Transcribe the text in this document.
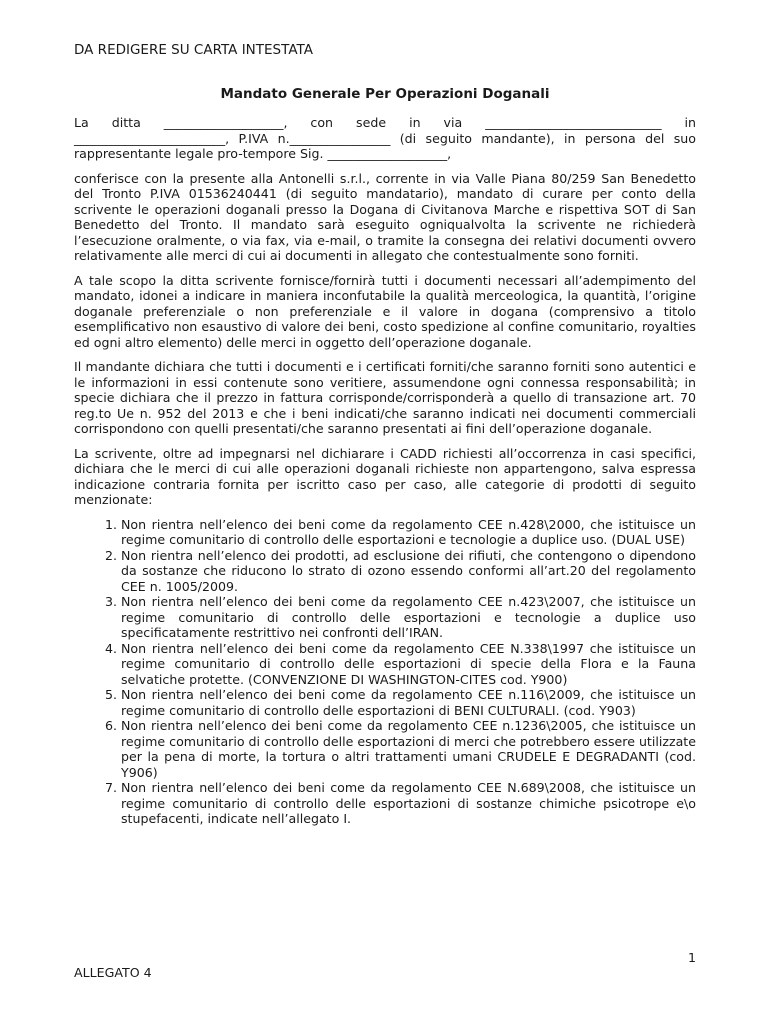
DA REDIGERE SU CARTA INTESTATA
Mandato Generale Per Operazioni Doganali

La ditta ___________________, con sede in via ____________________________ in ________________________, P.IVA n.________________ (di seguito mandante), in persona del suo rappresentante legale pro-tempore Sig. ___________________,

conferisce con la presente alla Antonelli s.r.l., corrente in via Valle Piana 80/259 San Benedetto del Tronto P.IVA 01536240441 (di seguito mandatario), mandato di curare per conto della scrivente le operazioni doganali presso la Dogana di Civitanova Marche e rispettiva SOT di San Benedetto del Tronto. Il mandato sarà eseguito ogniqualvolta la scrivente ne richiederà l’esecuzione oralmente, o via fax, via e-mail, o tramite la consegna dei relativi documenti ovvero relativamente alle merci di cui ai documenti in allegato che contestualmente sono forniti.

A tale scopo la ditta scrivente fornisce/fornirà tutti i documenti necessari all’adempimento del mandato, idonei a indicare in maniera inconfutabile la qualità merceologica, la quantità, l’origine doganale preferenziale o non preferenziale e il valore in dogana (comprensivo a titolo esemplificativo non esaustivo di valore dei beni, costo spedizione al confine comunitario, royalties ed ogni altro elemento) delle merci in oggetto dell’operazione doganale.

Il mandante dichiara che tutti i documenti e i certificati forniti/che saranno forniti sono autentici e le informazioni in essi contenute sono veritiere, assumendone ogni connessa responsabilità; in specie dichiara che il prezzo in fattura corrisponde/corrisponderà a quello di transazione art. 70 reg.to Ue n. 952 del 2013 e che i beni indicati/che saranno indicati nei documenti commerciali corrispondono con quelli presentati/che saranno presentati ai fini dell’operazione doganale.

La scrivente, oltre ad impegnarsi nel dichiarare i CADD richiesti all’occorrenza in casi specifici, dichiara che le merci di cui alle operazioni doganali richieste non appartengono, salva espressa indicazione contraria fornita per iscritto caso per caso, alle categorie di prodotti di seguito menzionate:

1. Non rientra nell’elenco dei beni come da regolamento CEE n.428\2000, che istituisce un regime comunitario di controllo delle esportazioni e tecnologie a duplice uso. (DUAL USE)
2. Non rientra nell’elenco dei prodotti, ad esclusione dei rifiuti, che contengono o dipendono da sostanze che riducono lo strato di ozono essendo conformi all’art.20 del regolamento CEE n. 1005/2009.
3. Non rientra nell’elenco dei beni come da regolamento CEE n.423\2007, che istituisce un regime comunitario di controllo delle esportazioni e tecnologie a duplice uso specificatamente restrittivo nei confronti dell’IRAN.
4. Non rientra nell’elenco dei beni come da regolamento CEE N.338\1997 che istituisce un regime comunitario di controllo delle esportazioni di specie della Flora e la Fauna selvatiche protette. (CONVENZIONE DI WASHINGTON-CITES cod. Y900)
5. Non rientra nell’elenco dei beni come da regolamento CEE n.116\2009, che istituisce un regime comunitario di controllo delle esportazioni di BENI CULTURALI. (cod. Y903)
6. Non rientra nell’elenco dei beni come da regolamento CEE n.1236\2005, che istituisce un regime comunitario di controllo delle esportazioni di merci che potrebbero essere utilizzate per la pena di morte, la tortura o altri trattamenti umani CRUDELE E DEGRADANTI (cod. Y906)
7. Non rientra nell’elenco dei beni come da regolamento CEE N.689\2008, che istituisce un regime comunitario di controllo delle esportazioni di sostanze chimiche psicotrope e\o stupefacenti, indicate nell’allegato I.
1
ALLEGATO 4
